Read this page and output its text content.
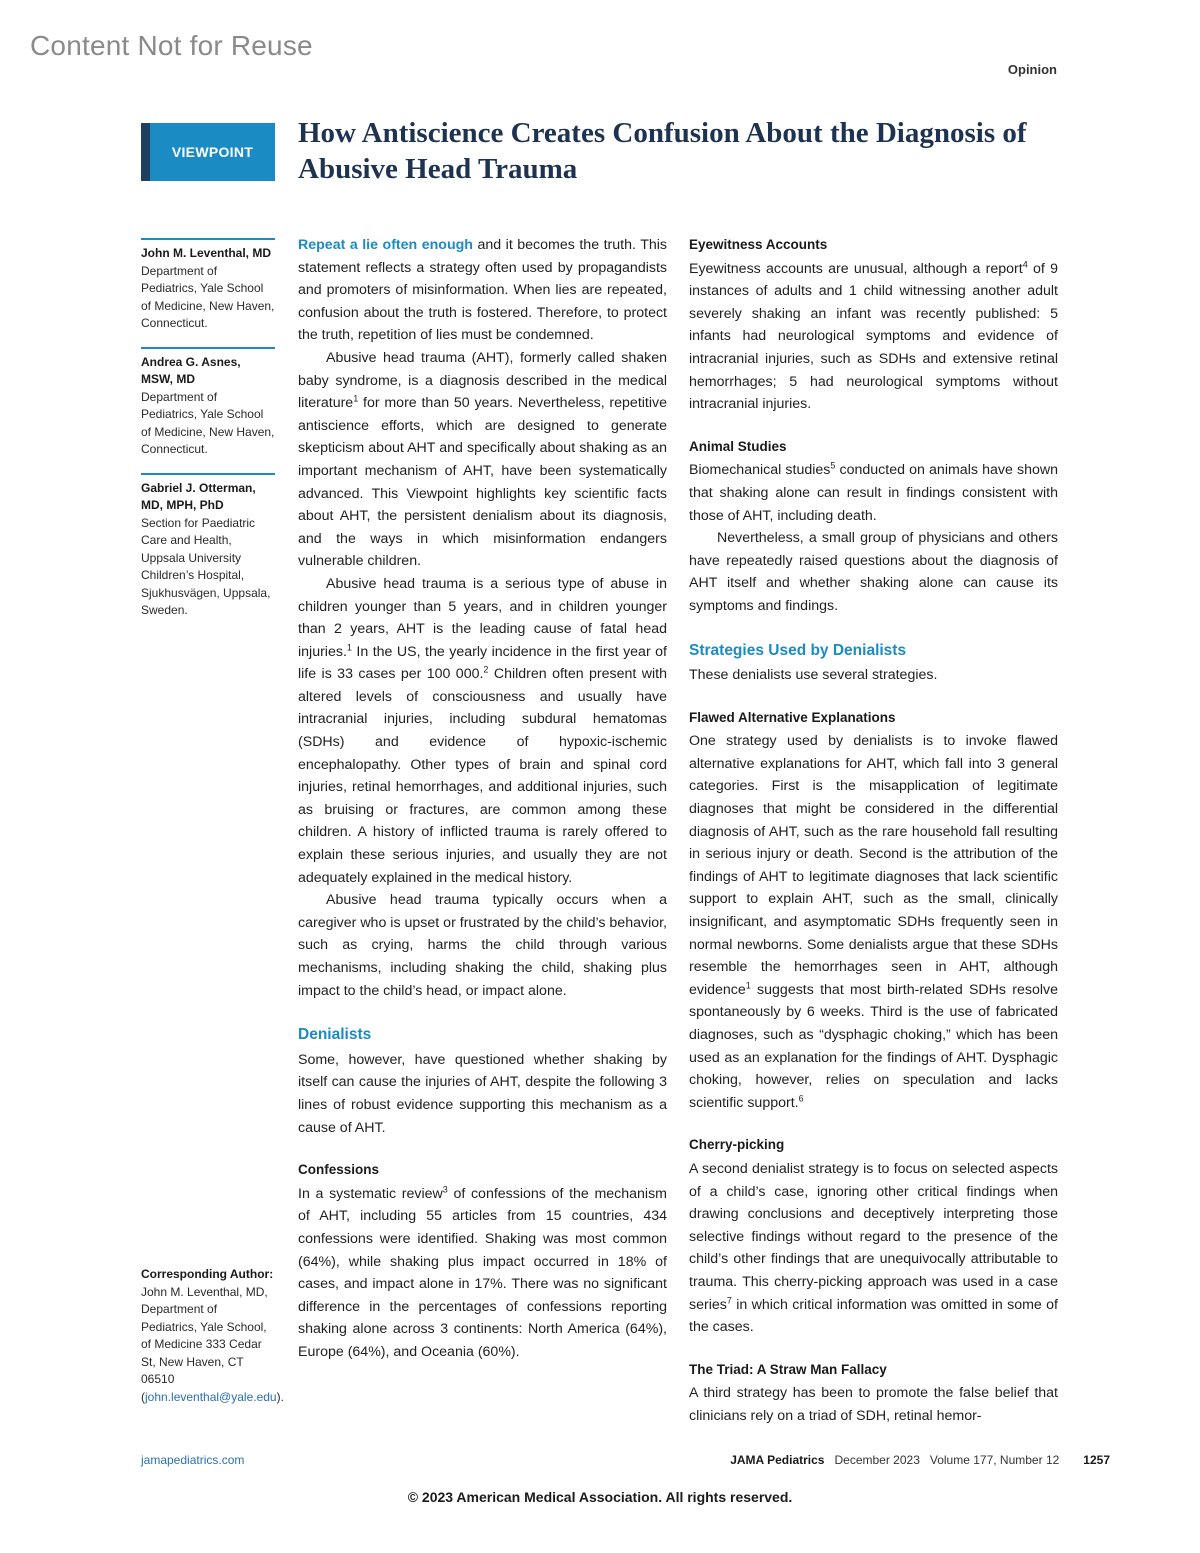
Content Not for Reuse
Opinion
VIEWPOINT
How Antiscience Creates Confusion About the Diagnosis of Abusive Head Trauma
John M. Leventhal, MD
Department of Pediatrics, Yale School of Medicine, New Haven, Connecticut.
Andrea G. Asnes, MSW, MD
Department of Pediatrics, Yale School of Medicine, New Haven, Connecticut.
Gabriel J. Otterman, MD, MPH, PhD
Section for Paediatric Care and Health, Uppsala University Children’s Hospital, Sjukhusvägen, Uppsala, Sweden.
Corresponding Author: John M. Leventhal, MD, Department of Pediatrics, Yale School, of Medicine 333 Cedar St, New Haven, CT 06510 (john.leventhal@yale.edu).

Repeat a lie often enough and it becomes the truth. This statement reflects a strategy often used by propagandists and promoters of misinformation. When lies are repeated, confusion about the truth is fostered. Therefore, to protect the truth, repetition of lies must be condemned.

Abusive head trauma (AHT), formerly called shaken baby syndrome, is a diagnosis described in the medical literature$^1$ for more than 50 years. Nevertheless, repetitive antiscience efforts, which are designed to generate skepticism about AHT and specifically about shaking as an important mechanism of AHT, have been systematically advanced. This Viewpoint highlights key scientific facts about AHT, the persistent denialism about its diagnosis, and the ways in which misinformation endangers vulnerable children.

Abusive head trauma is a serious type of abuse in children younger than 5 years, and in children younger than 2 years, AHT is the leading cause of fatal head injuries.$^1$ In the US, the yearly incidence in the first year of life is 33 cases per 100 000.$^2$ Children often present with altered levels of consciousness and usually have intracranial injuries, including subdural hematomas (SDHs) and evidence of hypoxic-ischemic encephalopathy. Other types of brain and spinal cord injuries, retinal hemorrhages, and additional injuries, such as bruising or fractures, are common among these children. A history of inflicted trauma is rarely offered to explain these serious injuries, and usually they are not adequately explained in the medical history.

Abusive head trauma typically occurs when a caregiver who is upset or frustrated by the child’s behavior, such as crying, harms the child through various mechanisms, including shaking the child, shaking plus impact to the child’s head, or impact alone.

Denialists

Some, however, have questioned whether shaking by itself can cause the injuries of AHT, despite the following 3 lines of robust evidence supporting this mechanism as a cause of AHT.

Confessions

In a systematic review$^3$ of confessions of the mechanism of AHT, including 55 articles from 15 countries, 434 confessions were identified. Shaking was most common (64%), while shaking plus impact occurred in 18% of cases, and impact alone in 17%. There was no significant difference in the percentages of confessions reporting shaking alone across 3 continents: North America (64%), Europe (64%), and Oceania (60%).

Eyewitness Accounts

Eyewitness accounts are unusual, although a report$^4$ of 9 instances of adults and 1 child witnessing another adult severely shaking an infant was recently published: 5 infants had neurological symptoms and evidence of intracranial injuries, such as SDHs and extensive retinal hemorrhages; 5 had neurological symptoms without intracranial injuries.

Animal Studies

Biomechanical studies$^5$ conducted on animals have shown that shaking alone can result in findings consistent with those of AHT, including death.

Nevertheless, a small group of physicians and others have repeatedly raised questions about the diagnosis of AHT itself and whether shaking alone can cause its symptoms and findings.

Strategies Used by Denialists

These denialists use several strategies.

Flawed Alternative Explanations

One strategy used by denialists is to invoke flawed alternative explanations for AHT, which fall into 3 general categories. First is the misapplication of legitimate diagnoses that might be considered in the differential diagnosis of AHT, such as the rare household fall resulting in serious injury or death. Second is the attribution of the findings of AHT to legitimate diagnoses that lack scientific support to explain AHT, such as the small, clinically insignificant, and asymptomatic SDHs frequently seen in normal newborns. Some denialists argue that these SDHs resemble the hemorrhages seen in AHT, although evidence$^1$ suggests that most birth-related SDHs resolve spontaneously by 6 weeks. Third is the use of fabricated diagnoses, such as “dysphagic choking,” which has been used as an explanation for the findings of AHT. Dysphagic choking, however, relies on speculation and lacks scientific support.$^6$

Cherry-picking

A second denialist strategy is to focus on selected aspects of a child’s case, ignoring other critical findings when drawing conclusions and deceptively interpreting those selective findings without regard to the presence of the child’s other findings that are unequivocally attributable to trauma. This cherry-picking approach was used in a case series$^7$ in which critical information was omitted in some of the cases.

The Triad: A Straw Man Fallacy

A third strategy has been to promote the false belief that clinicians rely on a triad of SDH, retinal hemor-

jamapediatrics.com	JAMA Pediatrics December 2023 Volume 177, Number 12 1257
© 2023 American Medical Association. All rights reserved.
